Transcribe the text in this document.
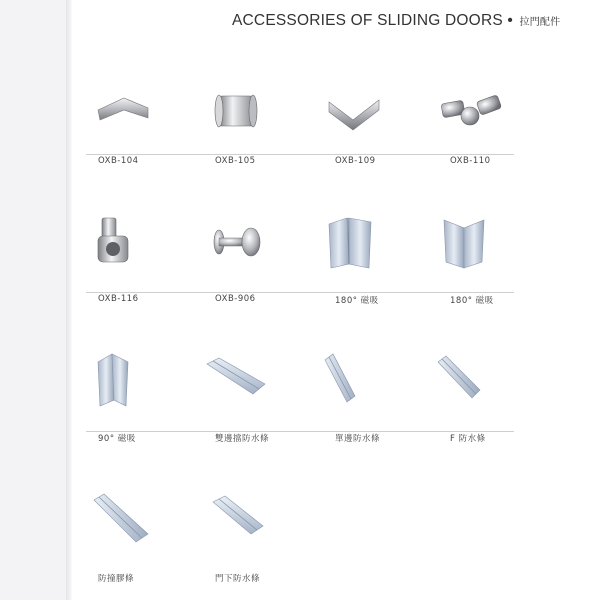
ACCESSORIES OF SLIDING DOORS • 拉門配件
OXB-104	OXB-105	OXB-109	OXB-110
OXB-116	OXB-906	180° 磁吸	180° 磁吸
90° 磁吸	雙邊擋防水條	單邊防水條	F 防水條
防撞膠條	門下防水條
